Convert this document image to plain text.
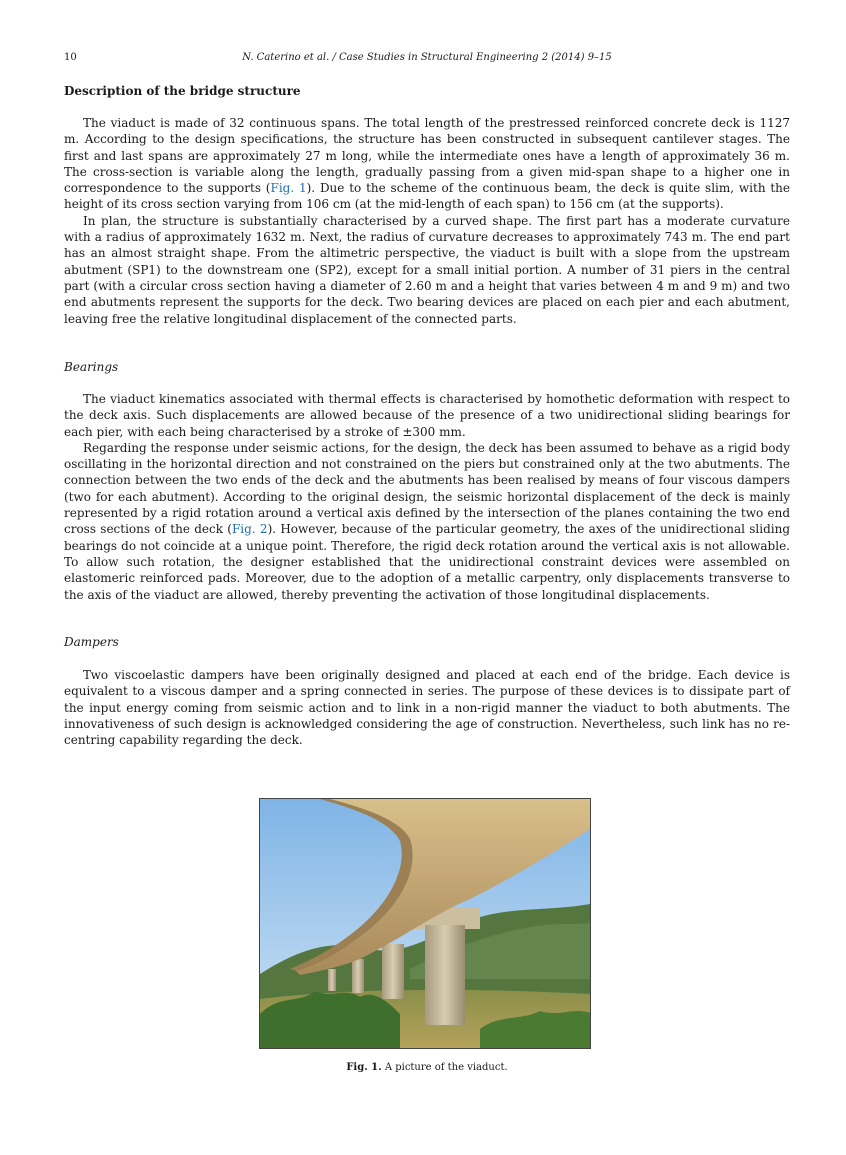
10	N. Caterino et al. / Case Studies in Structural Engineering 2 (2014) 9–15
Description of the bridge structure

The viaduct is made of 32 continuous spans. The total length of the prestressed reinforced concrete deck is 1127 m. According to the design specifications, the structure has been constructed in subsequent cantilever stages. The first and last spans are approximately 27 m long, while the intermediate ones have a length of approximately 36 m. The cross-section is variable along the length, gradually passing from a given mid-span shape to a higher one in correspondence to the supports (Fig. 1). Due to the scheme of the continuous beam, the deck is quite slim, with the height of its cross section varying from 106 cm (at the mid-length of each span) to 156 cm (at the supports).

In plan, the structure is substantially characterised by a curved shape. The first part has a moderate curvature with a radius of approximately 1632 m. Next, the radius of curvature decreases to approximately 743 m. The end part has an almost straight shape. From the altimetric perspective, the viaduct is built with a slope from the upstream abutment (SP1) to the downstream one (SP2), except for a small initial portion. A number of 31 piers in the central part (with a circular cross section having a diameter of 2.60 m and a height that varies between 4 m and 9 m) and two end abutments represent the supports for the deck. Two bearing devices are placed on each pier and each abutment, leaving free the relative longitudinal displacement of the connected parts.

Bearings

The viaduct kinematics associated with thermal effects is characterised by homothetic deformation with respect to the deck axis. Such displacements are allowed because of the presence of a two unidirectional sliding bearings for each pier, with each being characterised by a stroke of ±300 mm.

Regarding the response under seismic actions, for the design, the deck has been assumed to behave as a rigid body oscillating in the horizontal direction and not constrained on the piers but constrained only at the two abutments. The connection between the two ends of the deck and the abutments has been realised by means of four viscous dampers (two for each abutment). According to the original design, the seismic horizontal displacement of the deck is mainly represented by a rigid rotation around a vertical axis defined by the intersection of the planes containing the two end cross sections of the deck (Fig. 2). However, because of the particular geometry, the axes of the unidirectional sliding bearings do not coincide at a unique point. Therefore, the rigid deck rotation around the vertical axis is not allowable. To allow such rotation, the designer established that the unidirectional constraint devices were assembled on elastomeric reinforced pads. Moreover, due to the adoption of a metallic carpentry, only displacements transverse to the axis of the viaduct are allowed, thereby preventing the activation of those longitudinal displacements.

Dampers

Two viscoelastic dampers have been originally designed and placed at each end of the bridge. Each device is equivalent to a viscous damper and a spring connected in series. The purpose of these devices is to dissipate part of the input energy coming from seismic action and to link in a non-rigid manner the viaduct to both abutments. The innovativeness of such design is acknowledged considering the age of construction. Nevertheless, such link has no re-centring capability regarding the deck.

Fig. 1. A picture of the viaduct.
